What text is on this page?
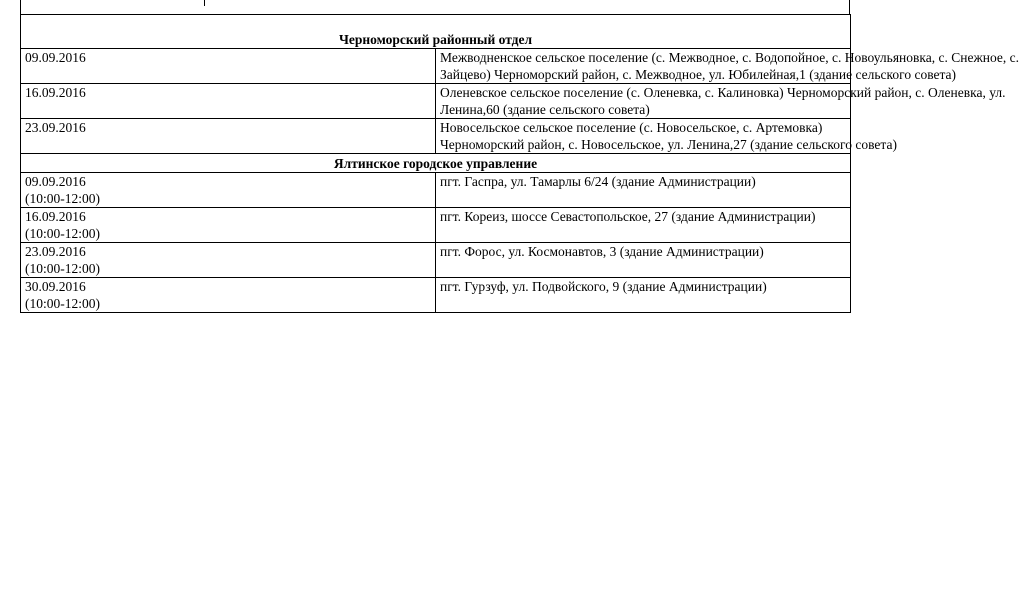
Черноморский районный отдел	

09.09.2016	Межводненское сельское поселение (с. Межводное, с. Водопойное, с. Новоульяновка, с. Снежное, с.
Зайцево) Черноморский район, с. Межводное, ул. Юбилейная,1 (здание сельского совета)

16.09.2016	Оленевское сельское поселение (с. Оленевка, с. Калиновка) Черноморский район, с. Оленевка, ул.
Ленина,60 (здание сельского совета)

23.09.2016	Новосельское сельское поселение (с. Новосельское, с. Артемовка)
Черноморский район, с. Новосельское, ул. Ленина,27 (здание сельского совета)

Ялтинское городское управление	

09.09.2016
(10:00-12:00)	пгт. Гаспра, ул. Тамарлы 6/24 (здание Администрации)

16.09.2016
(10:00-12:00)	пгт. Кореиз, шоссе Севастопольское, 27 (здание Администрации)

23.09.2016
(10:00-12:00)	пгт. Форос, ул. Космонавтов, 3 (здание Администрации)

30.09.2016
(10:00-12:00)	пгт. Гурзуф, ул. Подвойского, 9 (здание Администрации)
